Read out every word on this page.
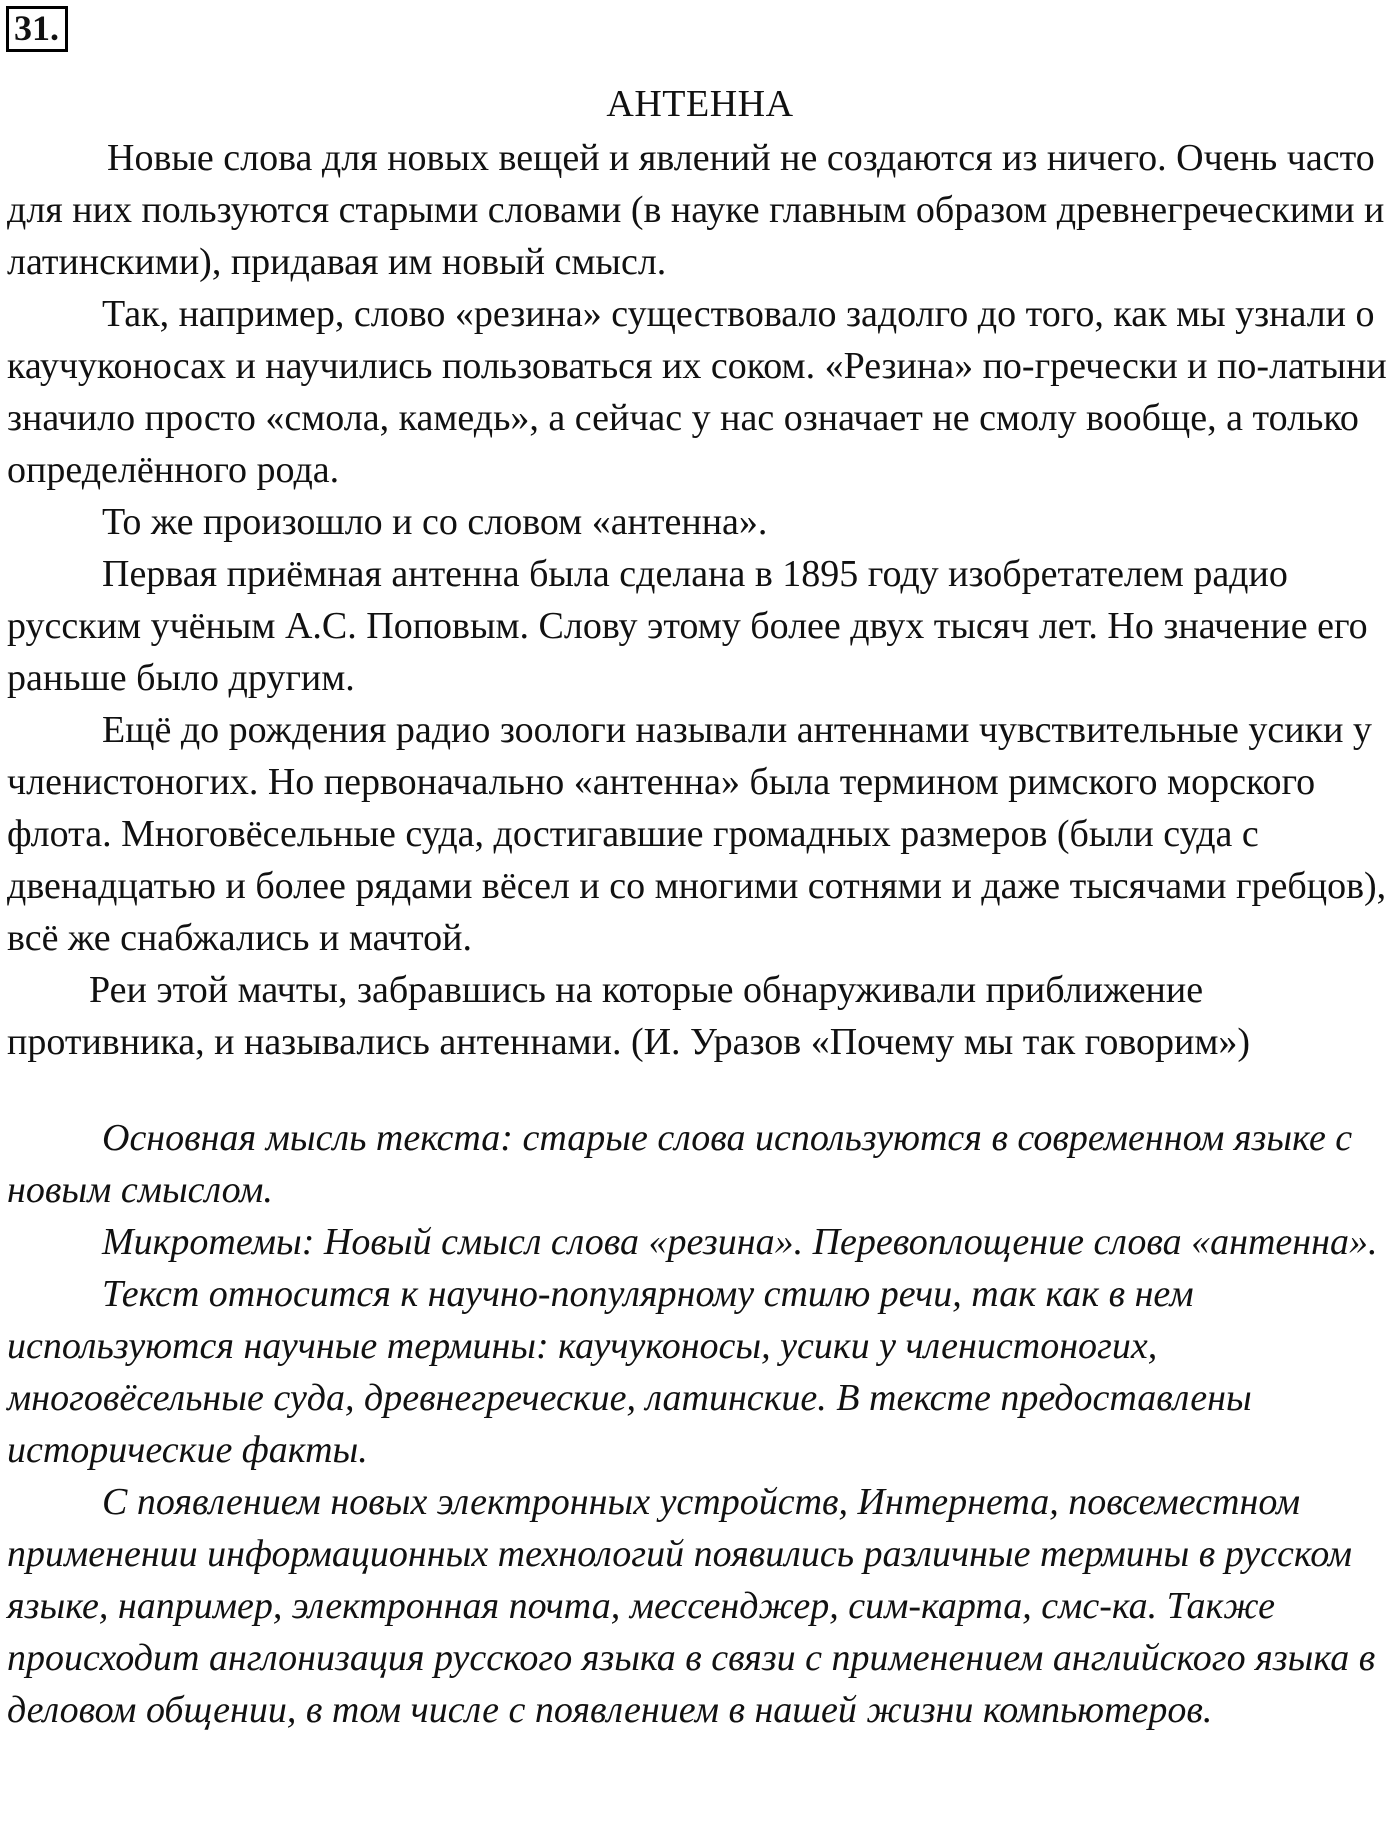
31.
АНТЕННА

Новые слова для новых вещей и явлений не создаются из ничего. Очень часто для них пользуются старыми словами (в науке главным образом древнегреческими и латинскими), придавая им новый смысл.

Так, например, слово «резина» существовало задолго до того, как мы узнали о каучуконосах и научились пользоваться их соком. «Резина» по-гречески и по-латыни значило просто «смола, камедь», а сейчас у нас означает не смолу вообще, а только определённого рода.

То же произошло и со словом «антенна».

Первая приёмная антенна была сделана в 1895 году изобретателем радио русским учёным А.С. Поповым. Слову этому более двух тысяч лет. Но значение его раньше было другим.

Ещё до рождения радио зоологи называли антеннами чувствительные усики у членистоногих. Но первоначально «антенна» была термином римского морского флота. Многовёсельные суда, достигавшие громадных размеров (были суда с двенадцатью и более рядами вёсел и со многими сотнями и даже тысячами гребцов), всё же снабжались и мачтой.

Реи этой мачты, забравшись на которые обнаруживали приближение противника, и назывались антеннами. (И. Уразов «Почему мы так говорим»)

Основная мысль текста: старые слова используются в современном языке с новым смыслом.

Микротемы: Новый смысл слова «резина». Перевоплощение слова «антенна».

Текст относится к научно-популярному стилю речи, так как в нем используются научные термины: каучуконосы, усики у членистоногих, многовёсельные суда, древнегреческие, латинские. В тексте предоставлены исторические факты.

С появлением новых электронных устройств, Интернета, повсеместном применении информационных технологий появились различные термины в русском языке, например, электронная почта, мессенджер, сим-карта, смс-ка. Также происходит англонизация русского языка в связи с применением английского языка в деловом общении, в том числе с появлением в нашей жизни компьютеров.
